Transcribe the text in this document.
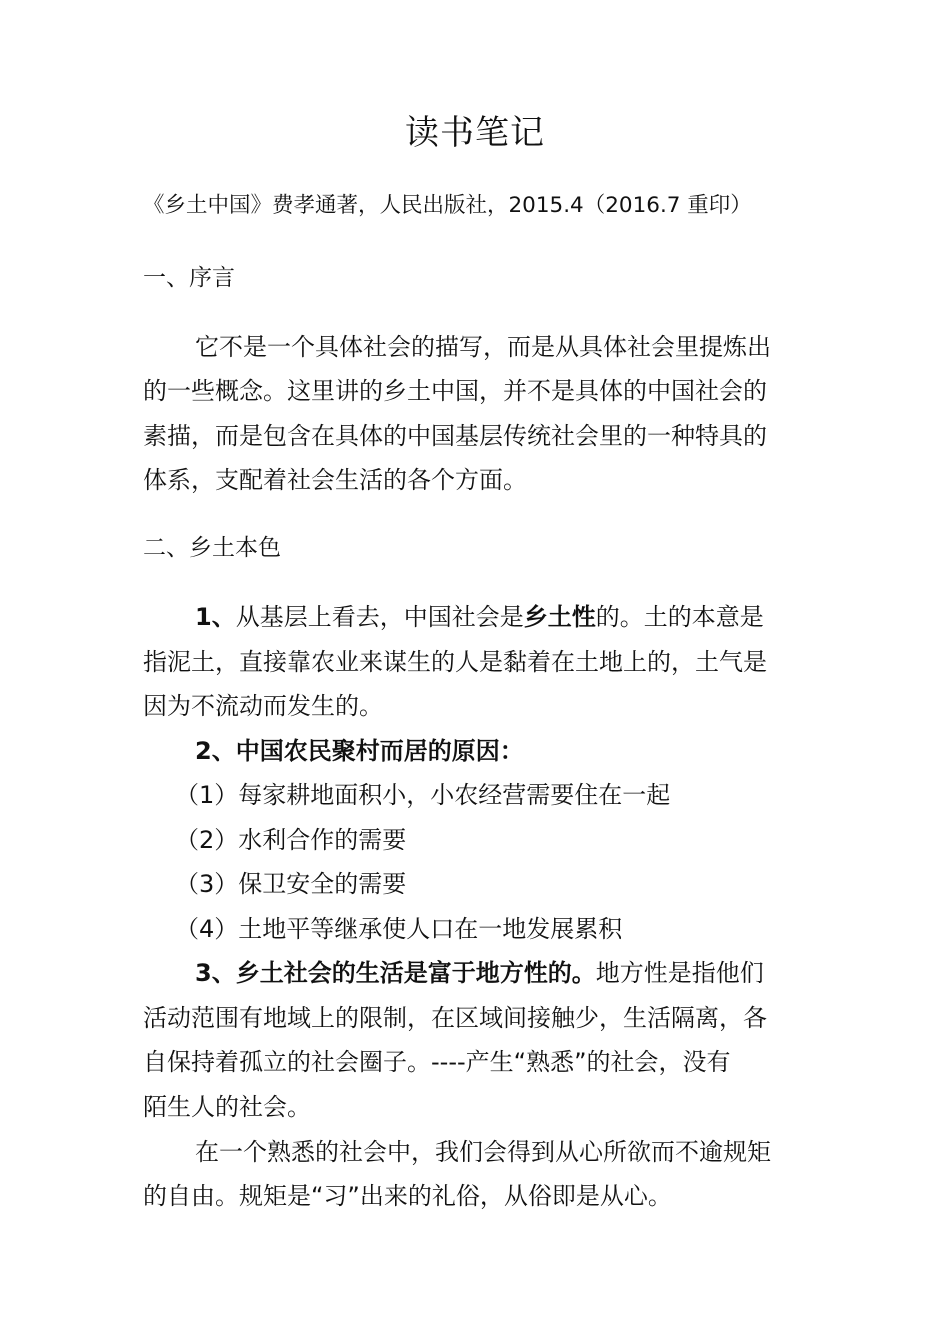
读书笔记
《乡土中国》费孝通著，人民出版社，2015.4（2016.7 重印）
一、序言
它不是一个具体社会的描写，而是从具体社会里提炼出
的一些概念。这里讲的乡土中国，并不是具体的中国社会的
素描，而是包含在具体的中国基层传统社会里的一种特具的
体系，支配着社会生活的各个方面。
二、乡土本色
1、从基层上看去，中国社会是乡土性的。土的本意是
指泥土，直接靠农业来谋生的人是黏着在土地上的，土气是
因为不流动而发生的。
2、中国农民聚村而居的原因：
（1）每家耕地面积小，小农经营需要住在一起
（2）水利合作的需要
（3）保卫安全的需要
（4）土地平等继承使人口在一地发展累积
3、乡土社会的生活是富于地方性的。地方性是指他们
活动范围有地域上的限制，在区域间接触少，生活隔离，各
自保持着孤立的社会圈子。----产生“熟悉”的社会，没有
陌生人的社会。
在一个熟悉的社会中，我们会得到从心所欲而不逾规矩
的自由。规矩是“习”出来的礼俗，从俗即是从心。
